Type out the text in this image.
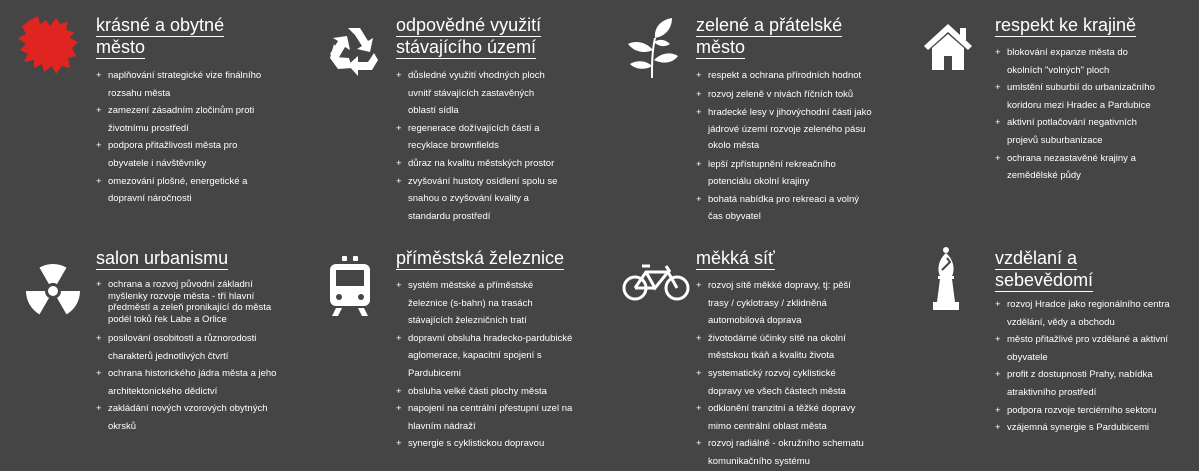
krásné a obytné
město
+ naplňování strategické vize finálního
rozsahu města
+ zamezení zásadním zločinům proti
životnímu prostředí
+ podpora přitažlivosti města pro
obyvatele i návštěvníky
+ omezování plošné, energetické a
dopravní náročnosti
odpovědné využití
stávajícího území
+ důsledné využití vhodných ploch
uvnitř stávajících zastavěných
oblastí sídla
+ regenerace dožívajících částí a
recyklace brownfields
+ důraz na kvalitu městských prostor
+ zvyšování hustoty osídlení spolu se
snahou o zvyšování kvality a
standardu prostředí
zelené a přátelské
město
+ respekt a ochrana přírodních hodnot
+ rozvoj zeleně v nivách říčních toků
+ hradecké lesy v jihovýchodní části jako
jádrové území rozvoje zeleného pásu
okolo města
+ lepší zpřístupnění rekreačního
potenciálu okolní krajiny
+ bohatá nabídka pro rekreaci a volný
čas obyvatel
respekt ke krajině
+ blokování expanze města do
okolních "volných" ploch
+ umlstění suburbií do urbanizačního
koridoru mezi Hradec a Pardubice
+ aktivní potlačování negativních
projevů suburbanizace
+ ochrana nezastavěné krajiny a
zemědělské půdy
salon urbanismu
+ ochrana a rozvoj původní základní
myšlenky rozvoje města - tří hlavní
předměstí a zeleň pronikající do města
podél toků řek Labe a Orlice
+ posilování osobitosti a různorodosti
charakterů jednotlivých čtvrtí
+ ochrana historického jádra města a jeho
architektonického dědictví
+ zakládání nových vzorových obytných
okrsků
příměstská železnice
+ systém městské a příměstské
železnice (s-bahn) na trasách
stávajících železničních tratí
+ dopravní obsluha hradecko-pardubické
aglomerace, kapacitní spojení s
Pardubicemi
+ obsluha velké části plochy města
+ napojení na centrální přestupní uzel na
hlavním nádraží
+ synergie s cyklistickou dopravou
měkká síť
+ rozvoj sítě měkké dopravy, tj: pěší
trasy / cyklotrasy / zklidněná
automobilová doprava
+ životodárné účinky sítě na okolní
městskou tkáň a kvalitu života
+ systematický rozvoj cyklistické
dopravy ve všech částech města
+ odklonění tranzitní a těžké dopravy
mimo centrální oblast města
+ rozvoj radiálně - okružního schematu
komunikačního systému
vzdělaní a
sebevědomí
+ rozvoj Hradce jako regionálního centra
vzdělání, vědy a obchodu
+ město přitažlivé pro vzdělané a aktivní
obyvatele
+ profit z dostupnosti Prahy, nabídka
atraktivního prostředí
+ podpora rozvoje terciérního sektoru
+ vzájemná synergie s Pardubicemi
